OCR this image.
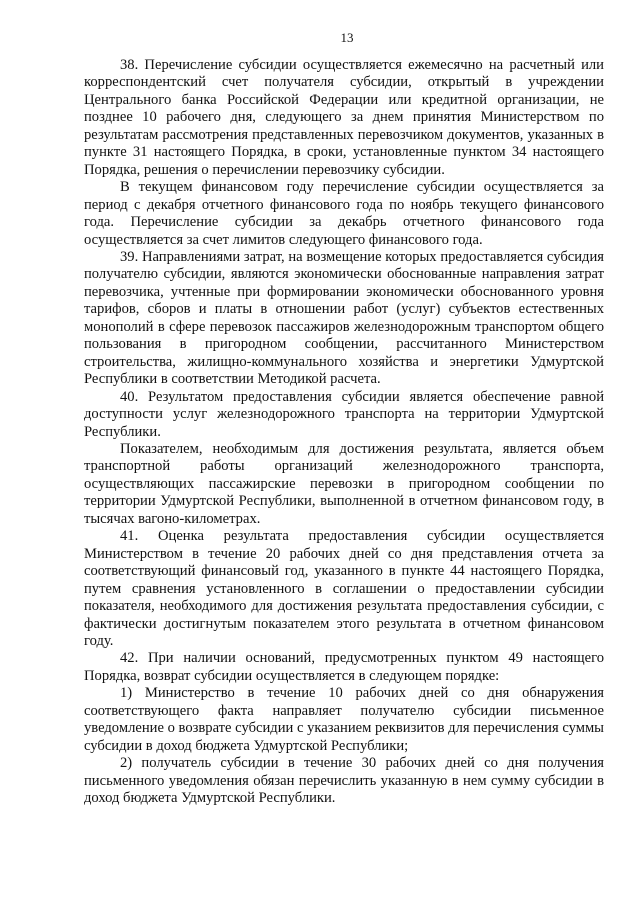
13

38. Перечисление субсидии осуществляется ежемесячно на расчетный или корреспондентский счет получателя субсидии, открытый в учреждении Центрального банка Российской Федерации или кредитной организации, не позднее 10 рабочего дня, следующего за днем принятия Министерством по результатам рассмотрения представленных перевозчиком документов, указанных в пункте 31 настоящего Порядка, в сроки, установленные пунктом 34 настоящего Порядка, решения о перечислении перевозчику субсидии.

В текущем финансовом году перечисление субсидии осуществляется за период с декабря отчетного финансового года по ноябрь текущего финансового года. Перечисление субсидии за декабрь отчетного финансового года осуществляется за счет лимитов следующего финансового года.

39. Направлениями затрат, на возмещение которых предоставляется субсидия получателю субсидии, являются экономически обоснованные направления затрат перевозчика, учтенные при формировании экономически обоснованного уровня тарифов, сборов и платы в отношении работ (услуг) субъектов естественных монополий в сфере перевозок пассажиров железнодорожным транспортом общего пользования в пригородном сообщении, рассчитанного Министерством строительства, жилищно-коммунального хозяйства и энергетики Удмуртской Республики в соответствии Методикой расчета.

40. Результатом предоставления субсидии является обеспечение равной доступности услуг железнодорожного транспорта на территории Удмуртской Республики.

Показателем, необходимым для достижения результата, является объем транспортной работы организаций железнодорожного транспорта, осуществляющих пассажирские перевозки в пригородном сообщении по территории Удмуртской Республики, выполненной в отчетном финансовом году, в тысячах вагоно-километрах.

41. Оценка результата предоставления субсидии осуществляется Министерством в течение 20 рабочих дней со дня представления отчета за соответствующий финансовый год, указанного в пункте 44 настоящего Порядка, путем сравнения установленного в соглашении о предоставлении субсидии показателя, необходимого для достижения результата предоставления субсидии, с фактически достигнутым показателем этого результата в отчетном финансовом году.

42. При наличии оснований, предусмотренных пунктом 49 настоящего Порядка, возврат субсидии осуществляется в следующем порядке:

1) Министерство в течение 10 рабочих дней со дня обнаружения соответствующего факта направляет получателю субсидии письменное уведомление о возврате субсидии с указанием реквизитов для перечисления суммы субсидии в доход бюджета Удмуртской Республики;

2) получатель субсидии в течение 30 рабочих дней со дня получения письменного уведомления обязан перечислить указанную в нем сумму субсидии в доход бюджета Удмуртской Республики.
